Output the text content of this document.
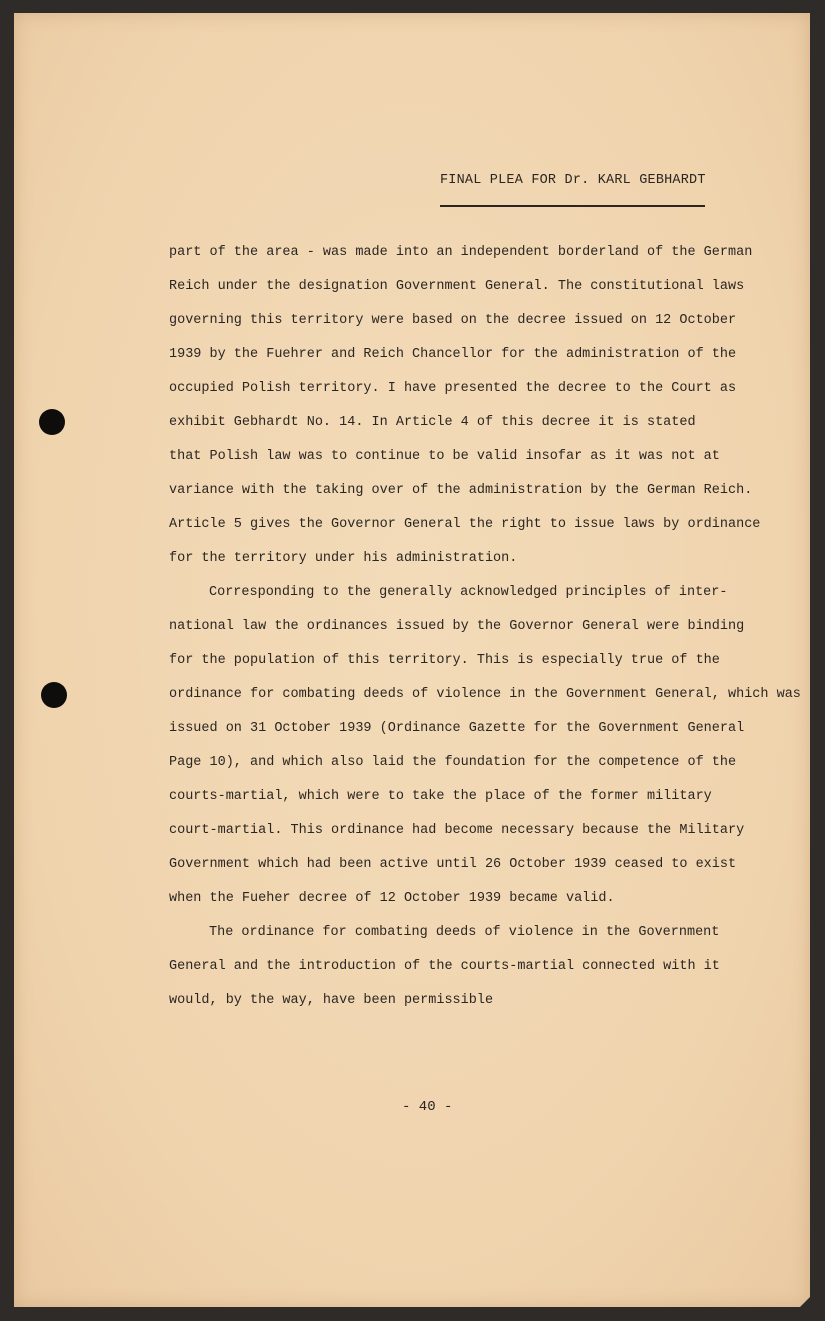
FINAL PLEA FOR Dr. KARL GEBHARDT
part of the area - was made into an independent borderland of the German
Reich under the designation Government General. The constitutional laws
governing this territory were based on the decree issued on 12 October
1939 by the Fuehrer and Reich Chancellor for the administration of the
occupied Polish territory. I have presented the decree to the Court as
exhibit Gebhardt No. 14. In Article 4 of this decree it is stated
that Polish law was to continue to be valid insofar as it was not at
variance with the taking over of the administration by the German Reich.
Article 5 gives the Governor General the right to issue laws by ordinance
for the territory under his administration.
Corresponding to the generally acknowledged principles of inter-
national law the ordinances issued by the Governor General were binding
for the population of this territory. This is especially true of the
ordinance for combating deeds of violence in the Government General, which was
issued on 31 October 1939 (Ordinance Gazette for the Government General
Page 10), and which also laid the foundation for the competence of the
courts-martial, which were to take the place of the former military
court-martial. This ordinance had become necessary because the Military
Government which had been active until 26 October 1939 ceased to exist
when the Fueher decree of 12 October 1939 became valid.
The ordinance for combating deeds of violence in the Government
General and the introduction of the courts-martial connected with it
would, by the way, have been permissible
- 40 -
